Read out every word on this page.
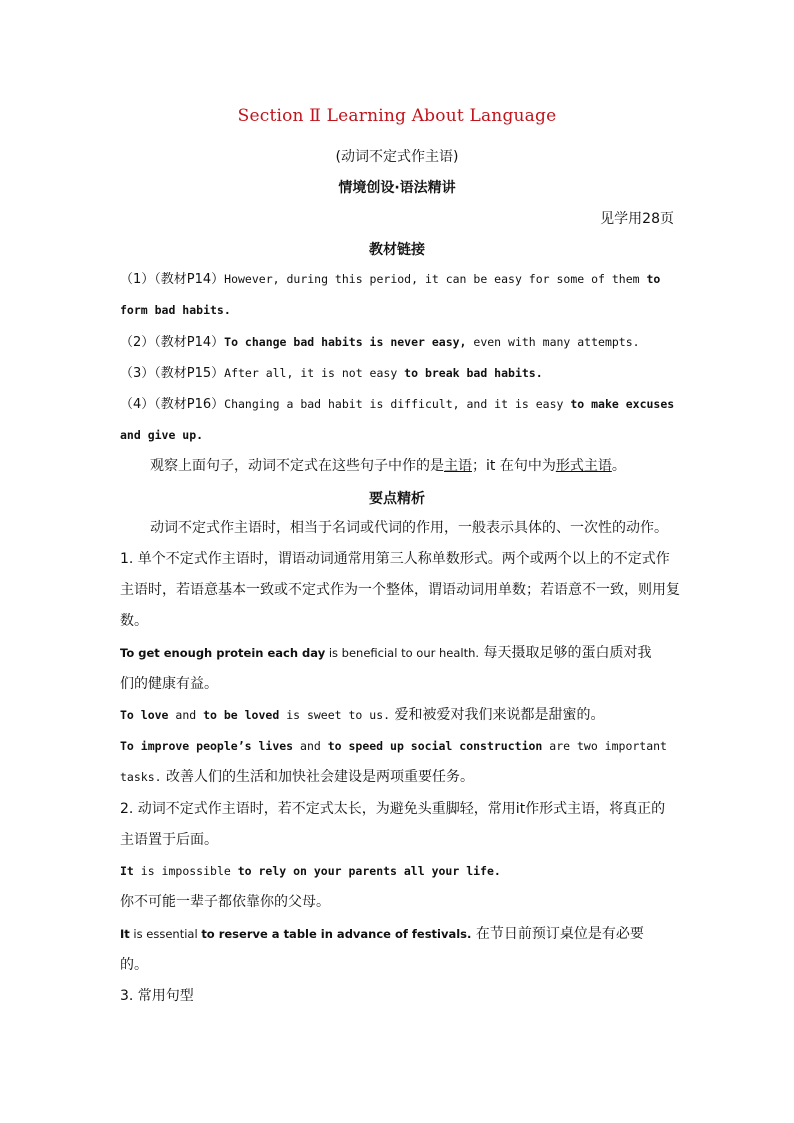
Section Ⅱ Learning About Language
(动词不定式作主语)
情境创设·语法精讲
见学用28页
教材链接
（1）（教材P14）However, during this period, it can be easy for some of them to
form bad habits.
（2）（教材P14）To change bad habits is never easy, even with many attempts.
（3）（教材P15）After all, it is not easy to break bad habits.
（4）（教材P16）Changing a bad habit is difficult, and it is easy to make excuses
and give up.
观察上面句子，动词不定式在这些句子中作的是主语；it 在句中为形式主语。
要点精析
动词不定式作主语时，相当于名词或代词的作用，一般表示具体的、一次性的动作。
1. 单个不定式作主语时，谓语动词通常用第三人称单数形式。两个或两个以上的不定式作
主语时，若语意基本一致或不定式作为一个整体，谓语动词用单数；若语意不一致，则用复
数。
To get enough protein each day is beneficial to our health. 每天摄取足够的蛋白质对我
们的健康有益。
To love and to be loved is sweet to us. 爱和被爱对我们来说都是甜蜜的。
To improve people’s lives and to speed up social construction are two important
tasks. 改善人们的生活和加快社会建设是两项重要任务。
2. 动词不定式作主语时，若不定式太长，为避免头重脚轻，常用it作形式主语，将真正的
主语置于后面。
It is impossible to rely on your parents all your life.
你不可能一辈子都依靠你的父母。
It is essential to reserve a table in advance of festivals. 在节日前预订桌位是有必要
的。
3. 常用句型
